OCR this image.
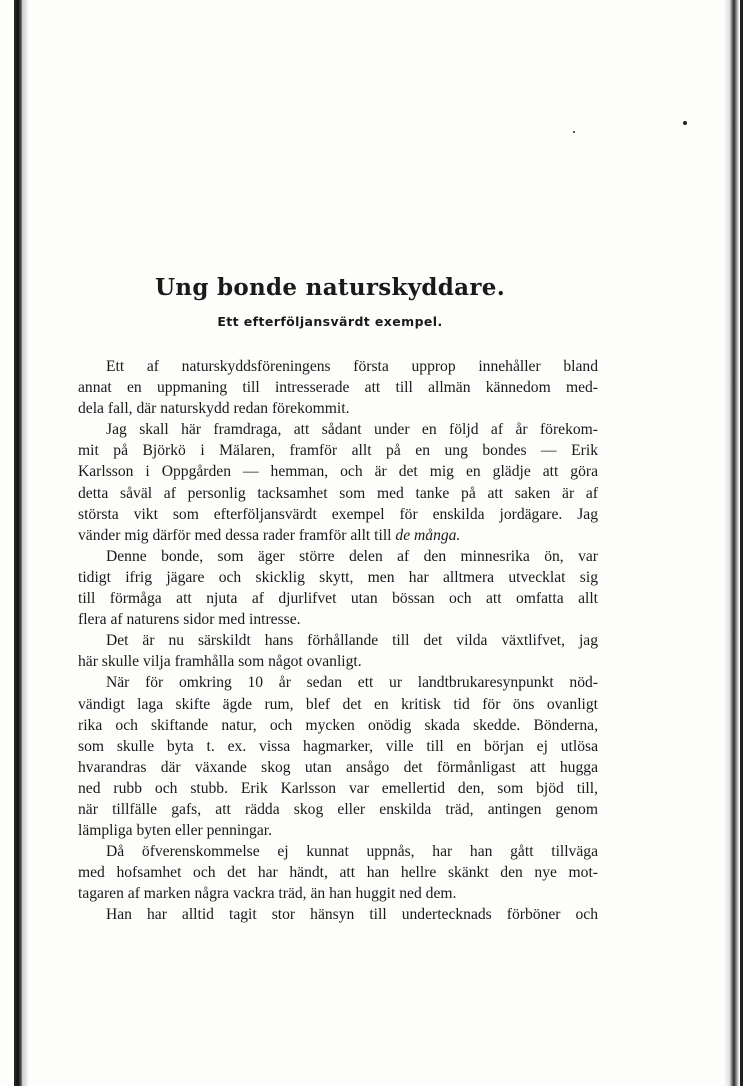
Ung bonde naturskyddare.
Ett efterföljansvärdt exempel.
Ett af naturskyddsföreningens första upprop innehåller bland
annat en uppmaning till intresserade att till allmän kännedom med-
dela fall, där naturskydd redan förekommit.
Jag skall här framdraga, att sådant under en följd af år förekom-
mit på Björkö i Mälaren, framför allt på en ung bondes — Erik
Karlsson i Oppgården — hemman, och är det mig en glädje att göra
detta såväl af personlig tacksamhet som med tanke på att saken är af
största vikt som efterföljansvärdt exempel för enskilda jordägare. Jag
vänder mig därför med dessa rader framför allt till de många.
Denne bonde, som äger större delen af den minnesrika ön, var
tidigt ifrig jägare och skicklig skytt, men har alltmera utvecklat sig
till förmåga att njuta af djurlifvet utan bössan och att omfatta allt
flera af naturens sidor med intresse.
Det är nu särskildt hans förhållande till det vilda växtlifvet, jag
här skulle vilja framhålla som något ovanligt.
När för omkring 10 år sedan ett ur landtbrukaresynpunkt nöd-
vändigt laga skifte ägde rum, blef det en kritisk tid för öns ovanligt
rika och skiftande natur, och mycken onödig skada skedde. Bönderna,
som skulle byta t. ex. vissa hagmarker, ville till en början ej utlösa
hvarandras där växande skog utan ansågo det förmånligast att hugga
ned rubb och stubb. Erik Karlsson var emellertid den, som bjöd till,
när tillfälle gafs, att rädda skog eller enskilda träd, antingen genom
lämpliga byten eller penningar.
Då öfverenskommelse ej kunnat uppnås, har han gått tillväga
med hofsamhet och det har händt, att han hellre skänkt den nye mot-
tagaren af marken några vackra träd, än han huggit ned dem.
Han har alltid tagit stor hänsyn till undertecknads förböner och
